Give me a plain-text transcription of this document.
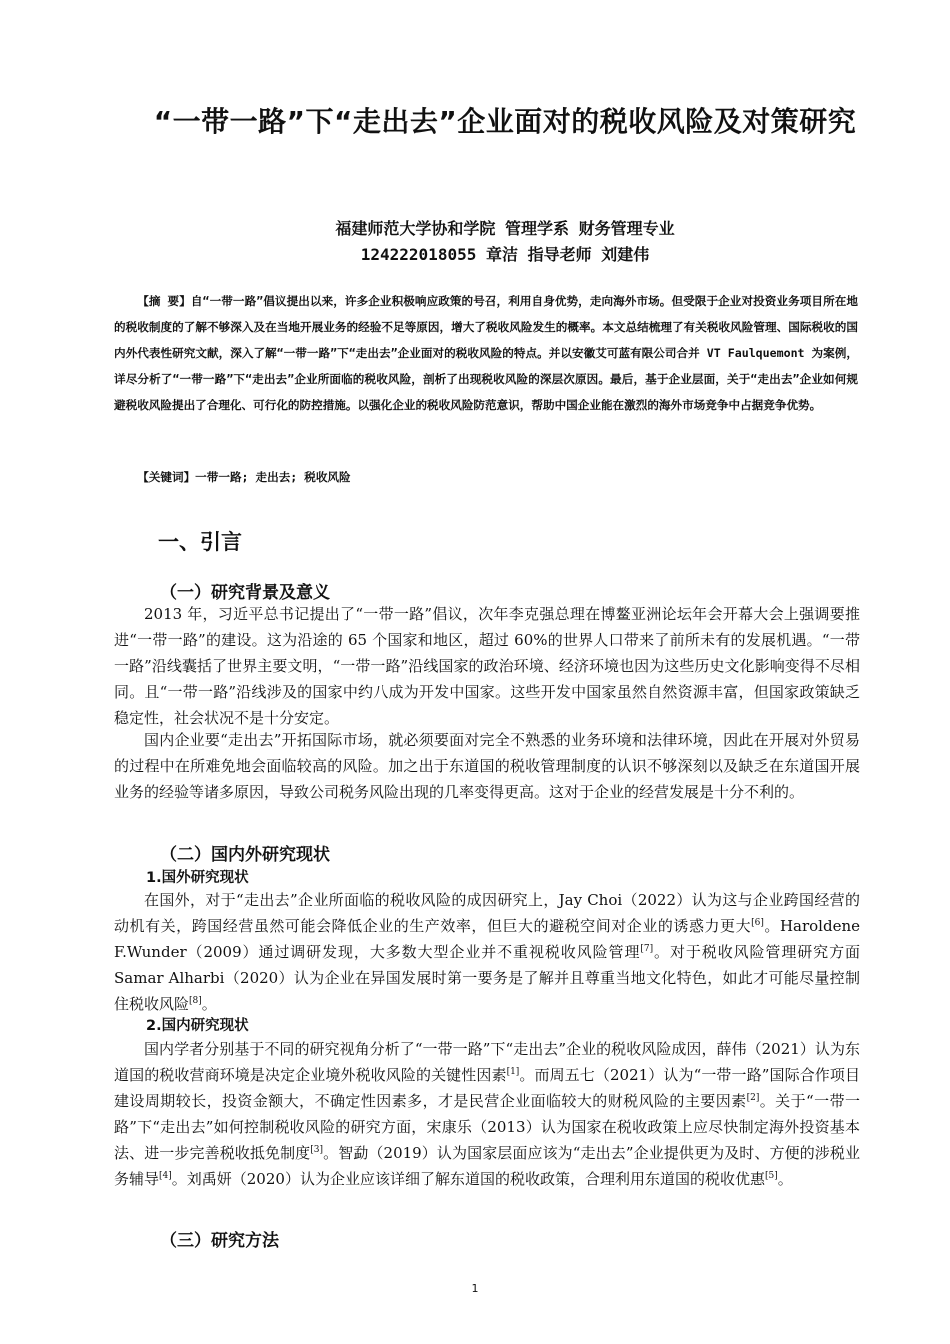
“一带一路”下“走出去”企业面对的税收风险及对策研究
福建师范大学协和学院 管理学系 财务管理专业
124222018055 章洁 指导老师 刘建伟

【摘 要】自“一带一路”倡议提出以来，许多企业积极响应政策的号召，利用自身优势，走向海外市场。但受限于企业对投资业务项目所在地的税收制度的了解不够深入及在当地开展业务的经验不足等原因，增大了税收风险发生的概率。本文总结梳理了有关税收风险管理、国际税收的国内外代表性研究文献，深入了解“一带一路”下“走出去”企业面对的税收风险的特点。并以安徽艾可蓝有限公司合并 VT Faulquemont 为案例，详尽分析了“一带一路”下“走出去”企业所面临的税收风险，剖析了出现税收风险的深层次原因。最后，基于企业层面，关于“走出去”企业如何规避税收风险提出了合理化、可行化的防控措施。以强化企业的税收风险防范意识，帮助中国企业能在激烈的海外市场竞争中占据竞争优势。

【关键词】一带一路; 走出去; 税收风险

一、引言
（一）研究背景及意义

2013 年，习近平总书记提出了“一带一路”倡议，次年李克强总理在博鳌亚洲论坛年会开幕大会上强调要推进“一带一路”的建设。这为沿途的 65 个国家和地区，超过 60%的世界人口带来了前所未有的发展机遇。“一带一路”沿线囊括了世界主要文明，“一带一路”沿线国家的政治环境、经济环境也因为这些历史文化影响变得不尽相同。且“一带一路”沿线涉及的国家中约八成为开发中国家。这些开发中国家虽然自然资源丰富，但国家政策缺乏稳定性，社会状况不是十分安定。

国内企业要“走出去”开拓国际市场，就必须要面对完全不熟悉的业务环境和法律环境，因此在开展对外贸易的过程中在所难免地会面临较高的风险。加之出于东道国的税收管理制度的认识不够深刻以及缺乏在东道国开展业务的经验等诸多原因，导致公司税务风险出现的几率变得更高。这对于企业的经营发展是十分不利的。

（二）国内外研究现状
1.国外研究现状

在国外，对于“走出去”企业所面临的税收风险的成因研究上，Jay Choi（2022）认为这与企业跨国经营的动机有关，跨国经营虽然可能会降低企业的生产效率，但巨大的避税空间对企业的诱惑力更大[6]。Haroldene F.Wunder（2009）通过调研发现，大多数大型企业并不重视税收风险管理[7]。对于税收风险管理研究方面 Samar Alharbi（2020）认为企业在异国发展时第一要务是了解并且尊重当地文化特色，如此才可能尽量控制住税收风险[8]。

2.国内研究现状

国内学者分别基于不同的研究视角分析了“一带一路”下“走出去”企业的税收风险成因，薛伟（2021）认为东道国的税收营商环境是决定企业境外税收风险的关键性因素[1]。而周五七（2021）认为“一带一路”国际合作项目建设周期较长，投资金额大，不确定性因素多，才是民营企业面临较大的财税风险的主要因素[2]。关于“一带一路”下“走出去”如何控制税收风险的研究方面，宋康乐（2013）认为国家在税收政策上应尽快制定海外投资基本法、进一步完善税收抵免制度[3]。智勐（2019）认为国家层面应该为“走出去”企业提供更为及时、方便的涉税业务辅导[4]。刘禹妍（2020）认为企业应该详细了解东道国的税收政策，合理利用东道国的税收优惠[5]。

（三）研究方法
1
